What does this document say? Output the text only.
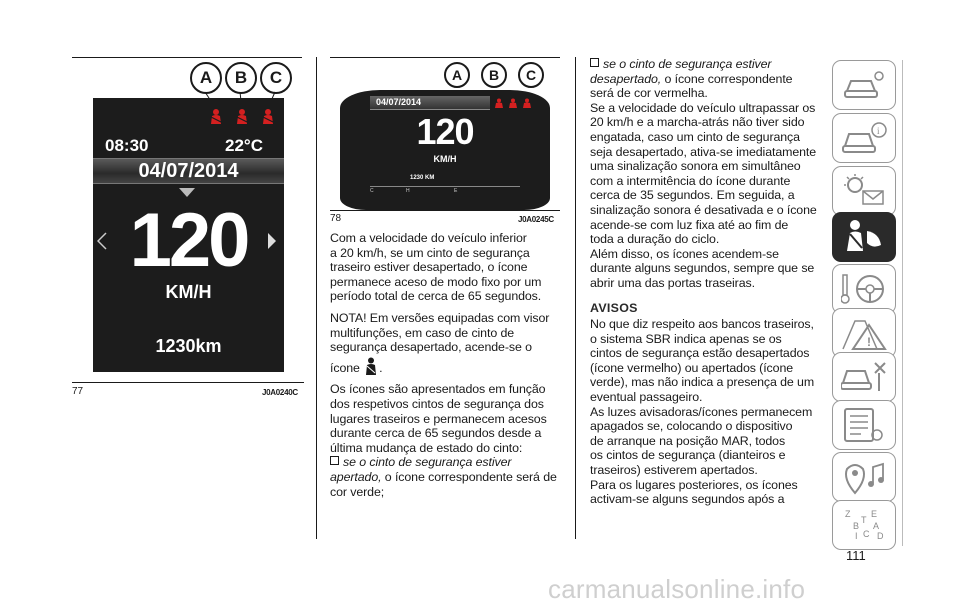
A	B	C
08:30	22°C
04/07/2014
120
KM/H
1230km
77	J0A0240C
A	B	C
04/07/2014
120
KM/H
1230 KM
H
C	E
78	J0A0245C

Com a velocidade do veículo inferior
a 20 km/h, se um cinto de segurança
traseiro estiver desapertado, o ícone
permanece aceso de modo fixo por um
período total de cerca de 65 segundos.

NOTA! Em versões equipadas com visor
multifunções, em caso de cinto de
segurança desapertado, acende-se o
ícone .

Os ícones são apresentados em função
dos respetivos cintos de segurança dos
lugares traseiros e permanecem acesos
durante cerca de 65 segundos desde a
última mudança de estado do cinto:

se o cinto de segurança estiver
apertado, o ícone correspondente será de
cor verde;

se o cinto de segurança estiver
desapertado, o ícone correspondente
será de cor vermelha.

Se a velocidade do veículo ultrapassar os
20 km/h e a marcha-atrás não tiver sido
engatada, caso um cinto de segurança
seja desapertado, ativa-se imediatamente
uma sinalização sonora em simultâneo
com a intermitência do ícone durante
cerca de 35 segundos. Em seguida, a
sinalização sonora é desativada e o ícone
acende-se com luz fixa até ao fim de
toda a duração do ciclo.

Além disso, os ícones acendem-se
durante alguns segundos, sempre que se
abrir uma das portas traseiras.

AVISOS

No que diz respeito aos bancos traseiros,
o sistema SBR indica apenas se os
cintos de segurança estão desapertados
(ícone vermelho) ou apertados (ícone
verde), mas não indica a presença de um
eventual passageiro.

As luzes avisadoras/ícones permanecem
apagados se, colocando o dispositivo
de arranque na posição MAR, todos
os cintos de segurança (dianteiros e
traseiros) estiverem apertados.

Para os lugares posteriores, os ícones
activam-se alguns segundos após a

i
!
Z
B
C
I
E
A
D
T
111
carmanualsonline.info
